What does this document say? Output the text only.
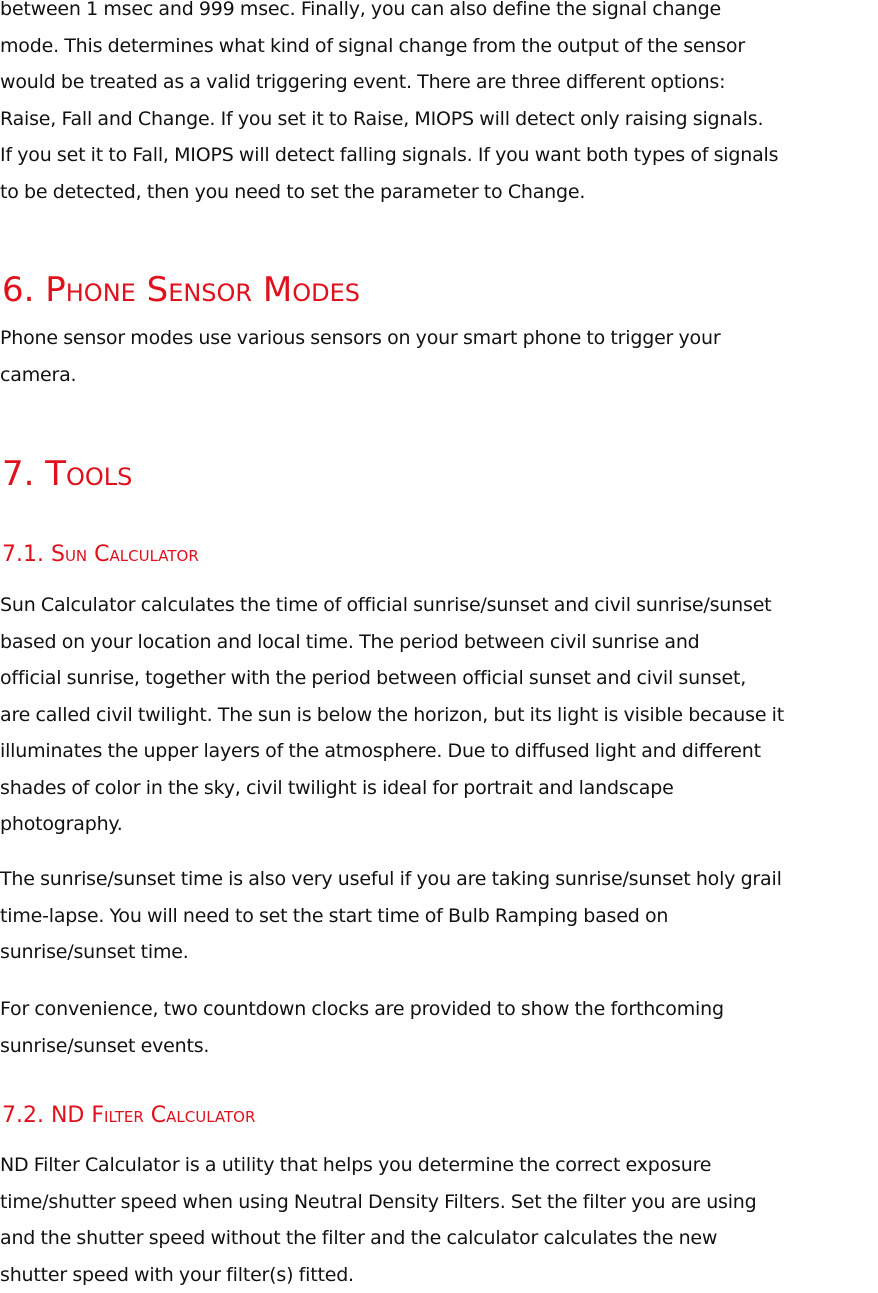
between 1 msec and 999 msec. Finally, you can also define the signal change
mode. This determines what kind of signal change from the output of the sensor
would be treated as a valid triggering event. There are three different options:
Raise, Fall and Change. If you set it to Raise, MIOPS will detect only raising signals.
If you set it to Fall, MIOPS will detect falling signals. If you want both types of signals
to be detected, then you need to set the parameter to Change.

6. Phone Sensor Modes

Phone sensor modes use various sensors on your smart phone to trigger your
camera.

7. Tools
7.1. Sun Calculator

Sun Calculator calculates the time of official sunrise/sunset and civil sunrise/sunset
based on your location and local time. The period between civil sunrise and
official sunrise, together with the period between official sunset and civil sunset,
are called civil twilight. The sun is below the horizon, but its light is visible because it
illuminates the upper layers of the atmosphere. Due to diffused light and different
shades of color in the sky, civil twilight is ideal for portrait and landscape
photography.

The sunrise/sunset time is also very useful if you are taking sunrise/sunset holy grail
time-lapse. You will need to set the start time of Bulb Ramping based on
sunrise/sunset time.

For convenience, two countdown clocks are provided to show the forthcoming
sunrise/sunset events.

7.2. ND Filter Calculator

ND Filter Calculator is a utility that helps you determine the correct exposure
time/shutter speed when using Neutral Density Filters. Set the filter you are using
and the shutter speed without the filter and the calculator calculates the new
shutter speed with your filter(s) fitted.
